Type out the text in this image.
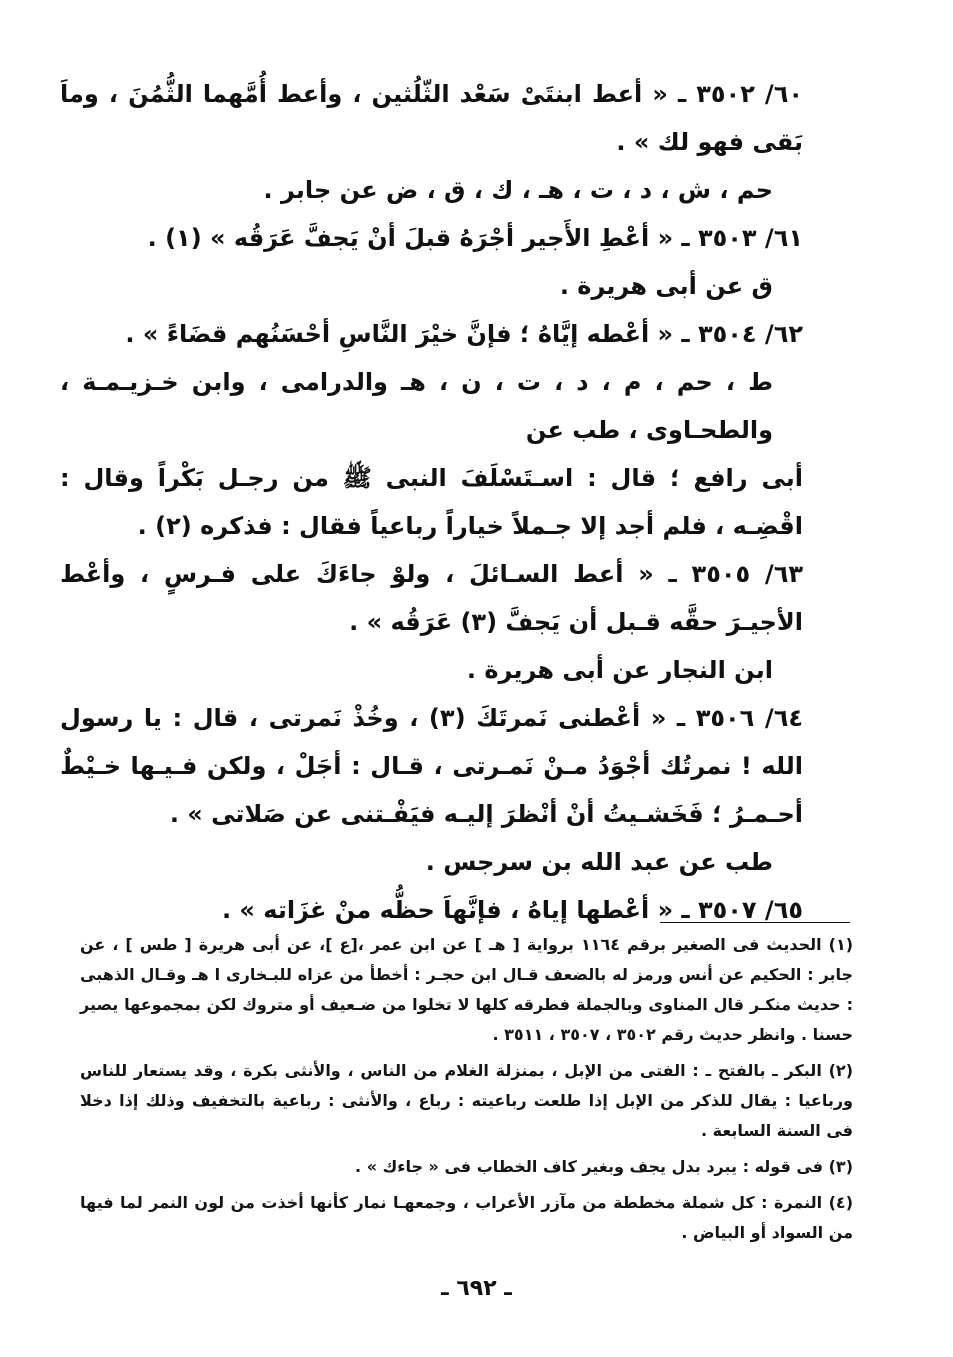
٦٠/ ٣٥٠٢ ـ « أعط ابنتَىْ سَعْد الثّلُثين ، وأعط أُمَّهما الثُّمُنَ ، وماَ بَقى فهو لك » .

حم ، ش ، د ، ت ، هـ ، ك ، ق ، ض عن جابر .

٦١/ ٣٥٠٣ ـ « أعْطِ الأَجير أجْرَهُ قبلَ أنْ يَجفَّ عَرَقُه » (١) .

ق عن أبى هريرة .

٦٢/ ٣٥٠٤ ـ « أعْطه إيَّاهُ ؛ فإنَّ خيْرَ النَّاسِ أحْسَنُهم قضَاءً » .

ط ، حم ، م ، د ، ت ، ن ، هـ والدرامى ، وابن خـزيـمـة ، والطحـاوى ، طب عن
أبى رافع ؛ قال : اسـتَسْلَفَ النبى ﷺ من رجـل بَكْراً وقال : اقْضِـه ، فلم أجد إلا جـملاً خياراً رباعياً فقال : فذكره (٢) .

٦٣/ ٣٥٠٥ ـ « أعط السـائلَ ، ولوْ جاءَكَ على فـرسٍ ، وأعْط الأجيـرَ حقَّه قـبل أن يَجفَّ (٣) عَرَقُه » .

ابن النجار عن أبى هريرة .

٦٤/ ٣٥٠٦ ـ « أعْطنى نَمرتَكَ (٣) ، وخُذْ نَمرتى ، قال : يا رسول الله ! نمرتُك أجْوَدُ مـنْ نَمـرتى ، قـال : أجَلْ ، ولكن فـيـها خـيْطٌ أحـمـرُ ؛ فَخَشـيتُ أنْ أنْظرَ إليـه فيَفْـتنى عن صَلاتى » .

طب عن عبد الله بن سرجس .

٦٥/ ٣٥٠٧ ـ « أعْطها إياهُ ، فإنَّهاَ حظُّه منْ غزَاته » .

(١) الحديث فى الصغير برقم ١١٦٤ برواية [ هـ ] عن ابن عمر ،[ع ]، عن أبى هريرة [ طس ] ، عن جابر : الحكيم عن أنس ورمز له بالضعف قـال ابن حجـر : أخطأ من عزاه للبـخارى ا هـ وقـال الذهبى : حديث منكـر قال المناوى وبالجملة فطرقه كلها لا تخلوا من ضـعيف أو متروك لكن بمجموعها يصير حسنا . وانظر حديث رقم ٣٥٠٢ ، ٣٥٠٧ ، ٣٥١١ .

(٢) البكر ـ بالفتح ـ : الفتى من الإبل ، بمنزلة الغلام من الناس ، والأنثى بكرة ، وقد يستعار للناس ورباعيا : يقال للذكر من الإبل إذا طلعت رباعيته : رباع ، والأنثى : رباعية بالتخفيف وذلك إذا دخلا فى السنة السابعة .

(٣) فى قوله : يبرد بدل يجف وبغير كاف الخطاب فى « جاءك » .

(٤) النمرة : كل شملة مخططة من مآزر الأعراب ، وجمعهـا نمار كأنها أخذت من لون النمر لما فيها من السواد أو البياض .

ـ ٦٩٢ ـ
